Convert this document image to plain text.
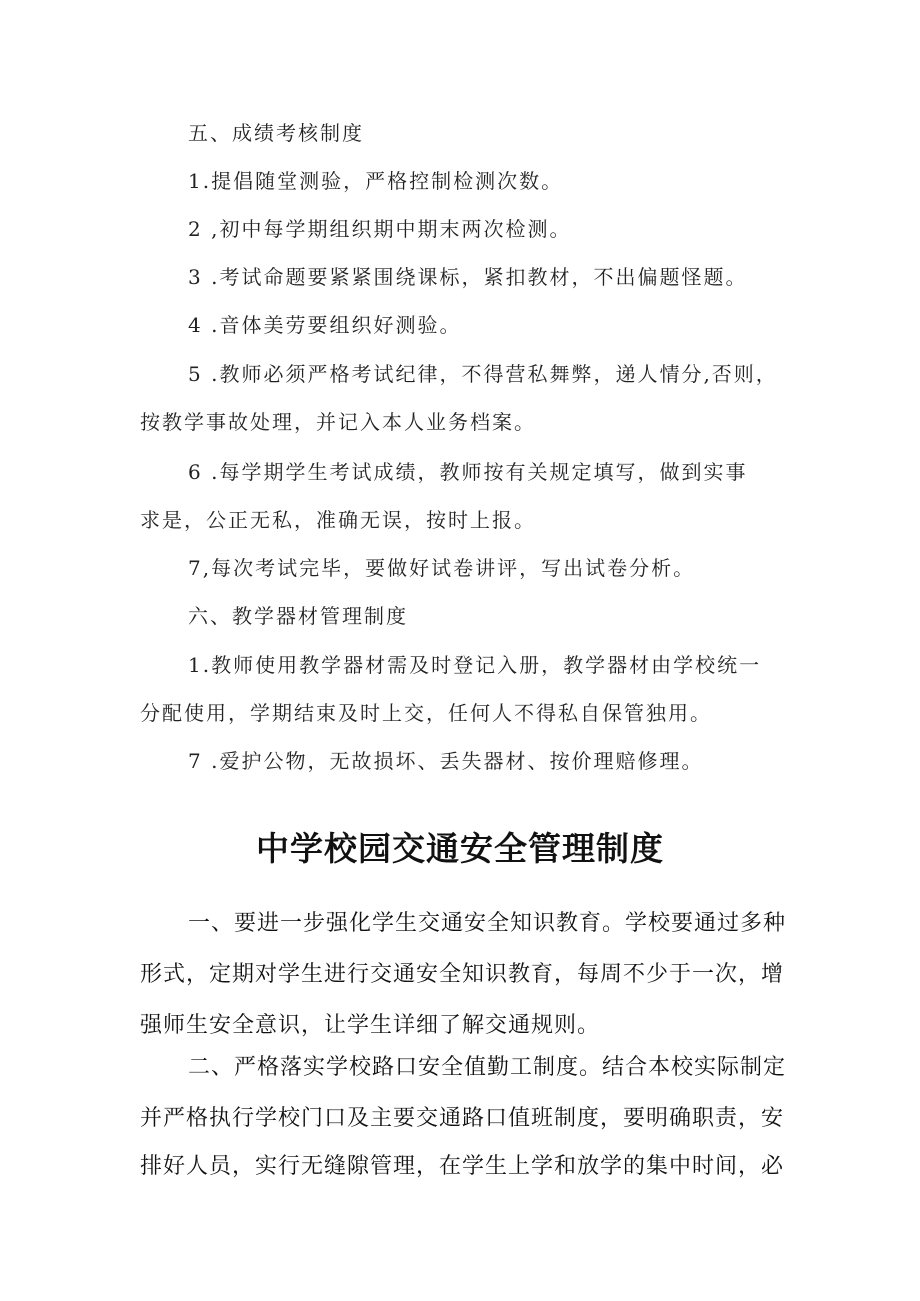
五、成绩考核制度

1.提倡随堂测验，严格控制检测次数。

2 ,初中每学期组织期中期末两次检测。

3 .考试命题要紧紧围绕课标，紧扣教材，不出偏题怪题。

4 .音体美劳要组织好测验。

5 .教师必须严格考试纪律，不得营私舞弊，递人情分,否则，

按教学事故处理，并记入本人业务档案。

6 .每学期学生考试成绩，教师按有关规定填写，做到实事

求是，公正无私，准确无误，按时上报。

7,每次考试完毕，要做好试卷讲评，写出试卷分析。

六、教学器材管理制度

1.教师使用教学器材需及时登记入册，教学器材由学校统一

分配使用，学期结束及时上交，任何人不得私自保管独用。

7 .爱护公物，无故损坏、丢失器材、按价理赔修理。

中学校园交通安全管理制度

一、要进一步强化学生交通安全知识教育。学校要通过多种

形式，定期对学生进行交通安全知识教育，每周不少于一次，增

强师生安全意识，让学生详细了解交通规则。

二、严格落实学校路口安全值勤工制度。结合本校实际制定

并严格执行学校门口及主要交通路口值班制度，要明确职责，安

排好人员，实行无缝隙管理，在学生上学和放学的集中时间，必
